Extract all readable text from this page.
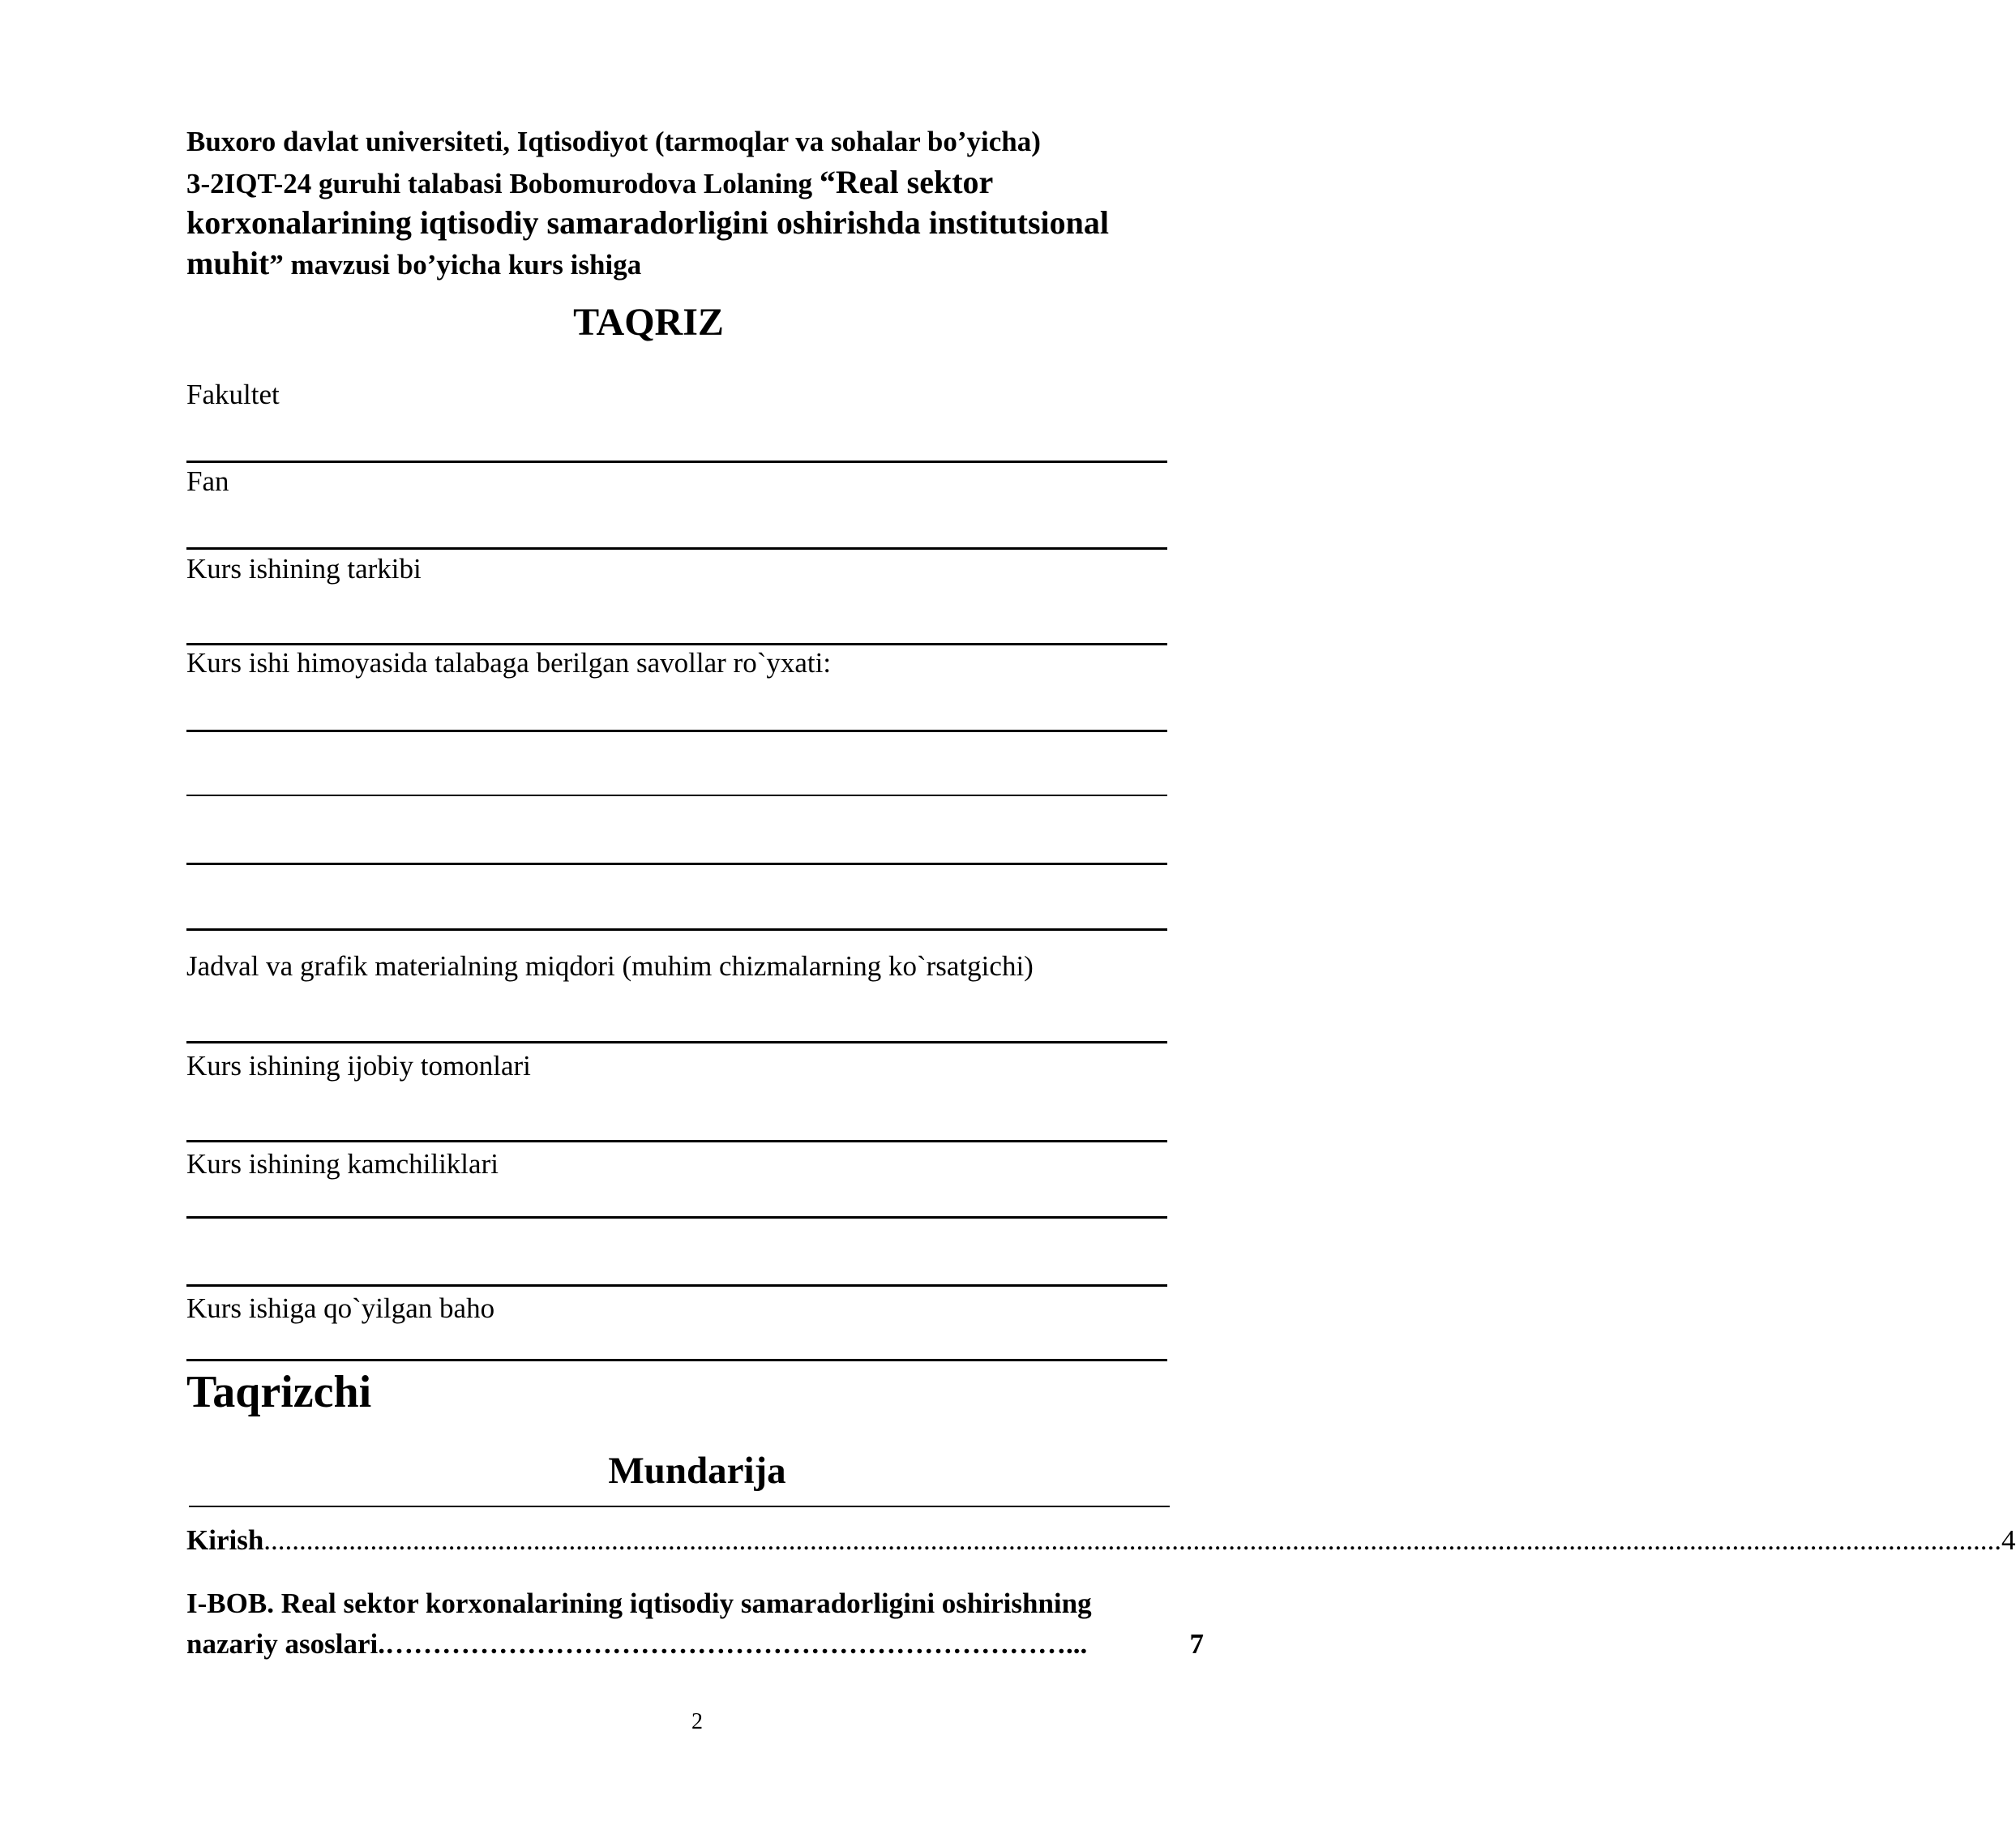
Buxoro davlat universiteti, Iqtisodiyot (tarmoqlar va sohalar bo’yicha)
3-2IQT-24 guruhi talabasi Bobomurodova Lolaning “Real sektor
korxonalarining iqtisodiy samaradorligini oshirishda institutsional
muhit” mavzusi bo’yicha kurs ishiga
TAQRIZ
Fakultet
Fan
Kurs ishining tarkibi
Kurs ishi himoyasida talabaga berilgan savollar ro`yxati:
Jadval va grafik materialning miqdori (muhim chizmalarning ko`rsatgichi)
Kurs ishining ijobiy tomonlari
Kurs ishining kamchiliklari
Kurs ishiga qo`yilgan baho
Taqrizchi
Mundarija
Kirish ..................................................................................................................................................................................................................................................... 4
I-BOB. Real sektor korxonalarining iqtisodiy samaradorligini oshirishning
nazariy asoslari. ………………………………………………………………...	7
2
